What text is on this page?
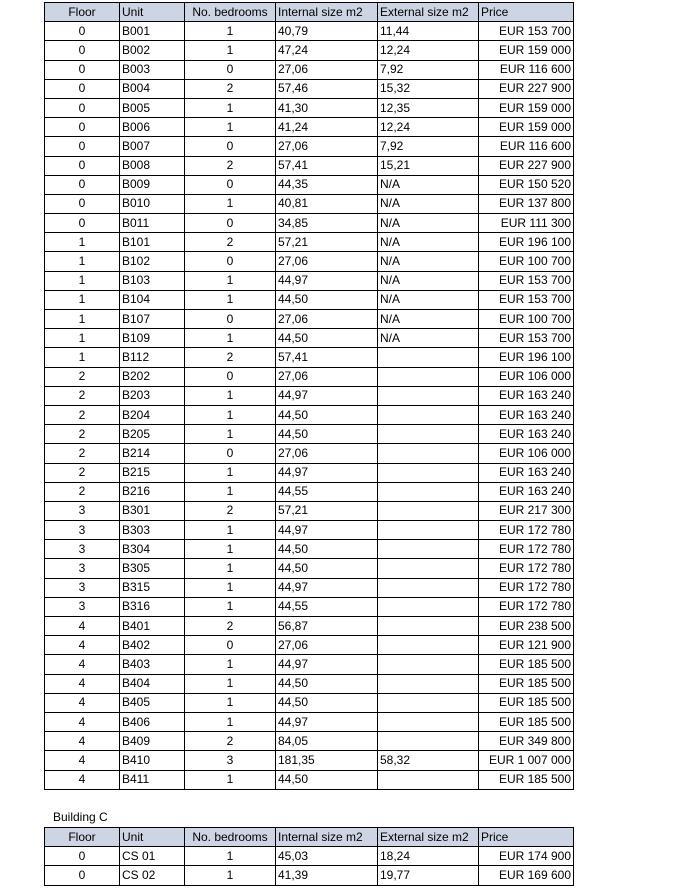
Floor	Unit	No. bedrooms	Internal size m2	External size m2	Price
0	B001	1	40,79	11,44	EUR 153 700
0	B002	1	47,24	12,24	EUR 159 000
0	B003	0	27,06	7,92	EUR 116 600
0	B004	2	57,46	15,32	EUR 227 900
0	B005	1	41,30	12,35	EUR 159 000
0	B006	1	41,24	12,24	EUR 159 000
0	B007	0	27,06	7,92	EUR 116 600
0	B008	2	57,41	15,21	EUR 227 900
0	B009	0	44,35	N/A	EUR 150 520
0	B010	1	40,81	N/A	EUR 137 800
0	B011	0	34,85	N/A	EUR 111 300
1	B101	2	57,21	N/A	EUR 196 100
1	B102	0	27,06	N/A	EUR 100 700
1	B103	1	44,97	N/A	EUR 153 700
1	B104	1	44,50	N/A	EUR 153 700
1	B107	0	27,06	N/A	EUR 100 700
1	B109	1	44,50	N/A	EUR 153 700
1	B112	2	57,41		EUR 196 100
2	B202	0	27,06		EUR 106 000
2	B203	1	44,97		EUR 163 240
2	B204	1	44,50		EUR 163 240
2	B205	1	44,50		EUR 163 240
2	B214	0	27,06		EUR 106 000
2	B215	1	44,97		EUR 163 240
2	B216	1	44,55		EUR 163 240
3	B301	2	57,21		EUR 217 300
3	B303	1	44,97		EUR 172 780
3	B304	1	44,50		EUR 172 780
3	B305	1	44,50		EUR 172 780
3	B315	1	44,97		EUR 172 780
3	B316	1	44,55		EUR 172 780
4	B401	2	56,87		EUR 238 500
4	B402	0	27,06		EUR 121 900
4	B403	1	44,97		EUR 185 500
4	B404	1	44,50		EUR 185 500
4	B405	1	44,50		EUR 185 500
4	B406	1	44,97		EUR 185 500
4	B409	2	84,05		EUR 349 800
4	B410	3	181,35	58,32	EUR 1 007 000
4	B411	1	44,50		EUR 185 500
Building C
Floor	Unit	No. bedrooms	Internal size m2	External size m2	Price
0	CS 01	1	45,03	18,24	EUR 174 900
0	CS 02	1	41,39	19,77	EUR 169 600
